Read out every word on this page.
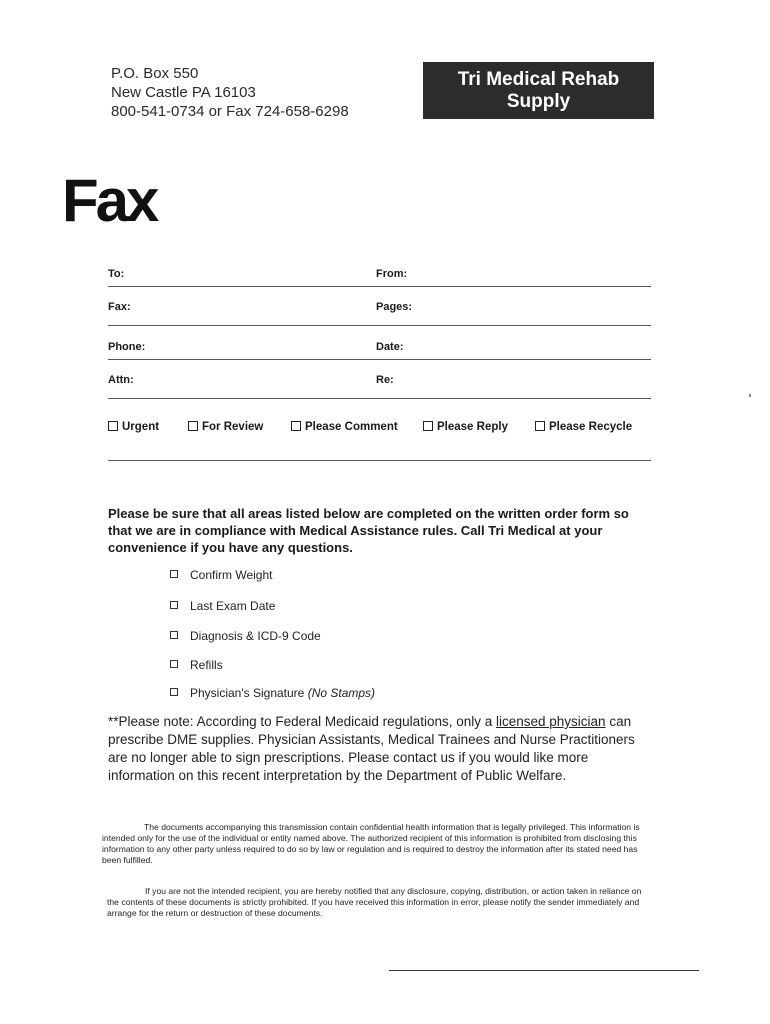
P.O. Box 550
New Castle PA 16103
800-541-0734 or Fax 724-658-6298
Tri Medical Rehab
Supply
Fax
To:	From:
Fax:	Pages:
Phone:	Date:
Attn:	Re:
Urgent	For Review	Please Comment	Please Reply	Please Recycle
Please be sure that all areas listed below are completed on the written order form so that we are in compliance with Medical Assistance rules. Call Tri Medical at your convenience if you have any questions.
Confirm Weight
Last Exam Date
Diagnosis & ICD-9 Code
Refills
Physician's Signature (No Stamps)
**Please note: According to Federal Medicaid regulations, only a licensed physician can prescribe DME supplies. Physician Assistants, Medical Trainees and Nurse Practitioners are no longer able to sign prescriptions. Please contact us if you would like more information on this recent interpretation by the Department of Public Welfare.
The documents accompanying this transmission contain confidential health information that is legally privileged. This information is intended only for the use of the individual or entity named above. The authorized recipient of this information is prohibited from disclosing this information to any other party unless required to do so by law or regulation and is required to destroy the information after its stated need has been fulfilled.
If you are not the intended recipient, you are hereby notified that any disclosure, copying, distribution, or action taken in reliance on the contents of these documents is strictly prohibited. If you have received this information in error, please notify the sender immediately and arrange for the return or destruction of these documents.
